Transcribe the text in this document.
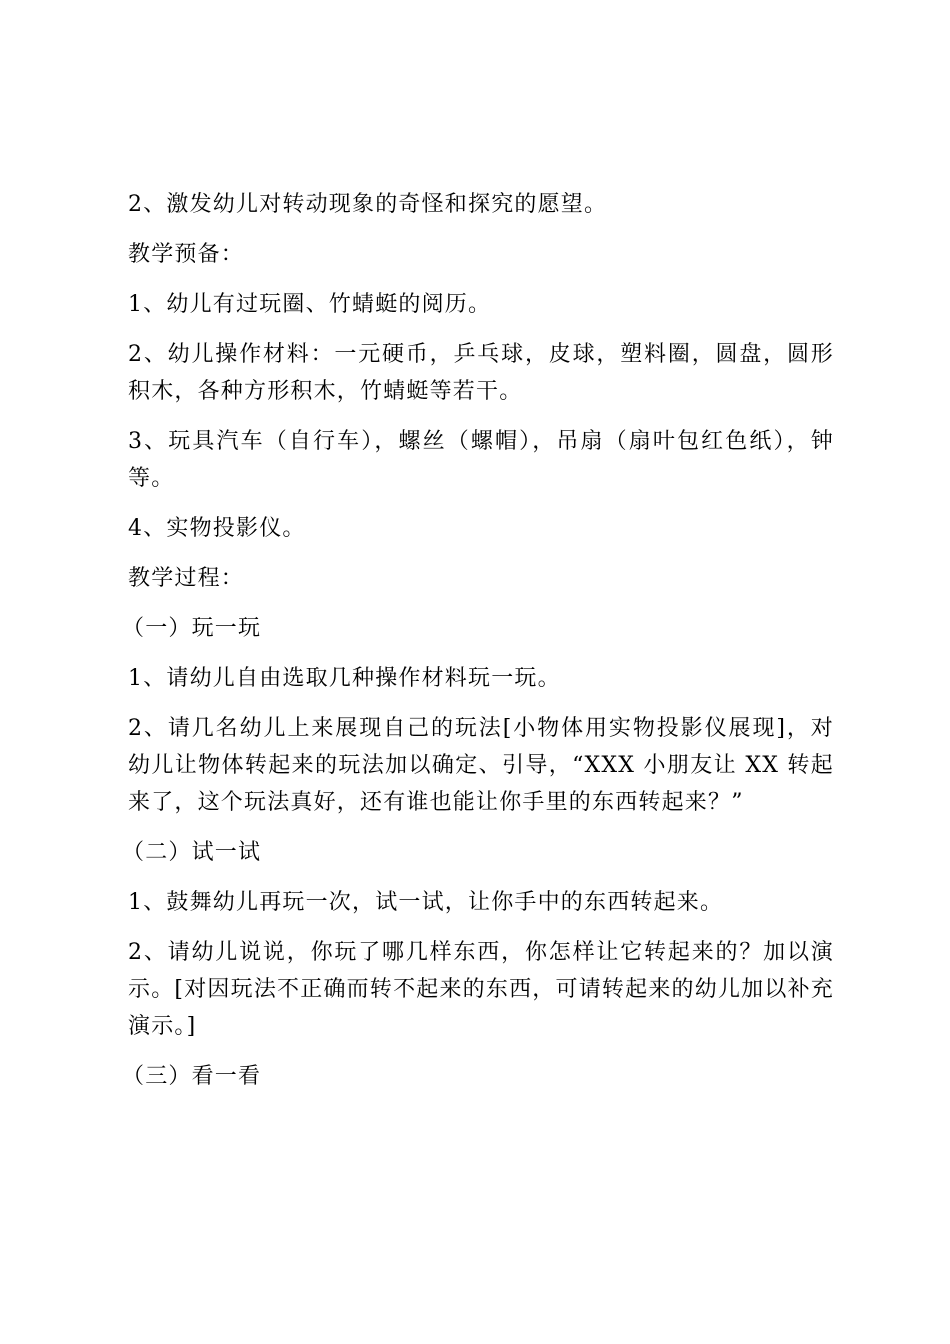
2、激发幼儿对转动现象的奇怪和探究的愿望。

教学预备：

1、幼儿有过玩圈、竹蜻蜓的阅历。

2、幼儿操作材料：一元硬币，乒乓球，皮球，塑料圈，圆盘，圆形积木，各种方形积木，竹蜻蜓等若干。

3、玩具汽车（自行车），螺丝（螺帽），吊扇（扇叶包红色纸），钟等。

4、实物投影仪。

教学过程：

（一）玩一玩

1、请幼儿自由选取几种操作材料玩一玩。

2、请几名幼儿上来展现自己的玩法[小物体用实物投影仪展现]，对幼儿让物体转起来的玩法加以确定、引导，“XXX 小朋友让 XX 转起来了，这个玩法真好，还有谁也能让你手里的东西转起来？”

（二）试一试

1、鼓舞幼儿再玩一次，试一试，让你手中的东西转起来。

2、请幼儿说说，你玩了哪几样东西，你怎样让它转起来的？加以演示。[对因玩法不正确而转不起来的东西，可请转起来的幼儿加以补充演示。]

（三）看一看
